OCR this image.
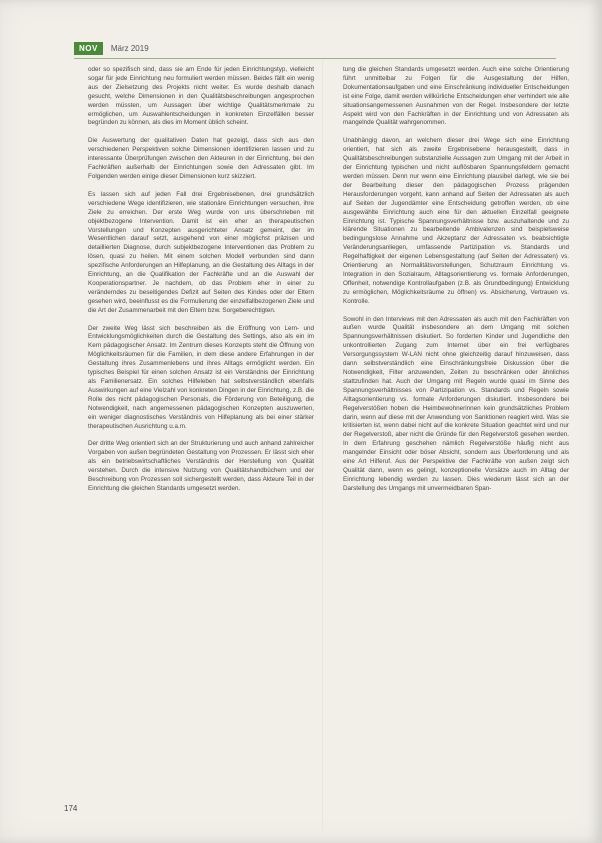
NOV	März 2019

oder so spezifisch sind, dass sie am Ende für jeden Einrichtungstyp, vielleicht sogar für jede Einrichtung neu formuliert werden müssen. Beides fällt ein wenig aus der Zielsetzung des Projekts nicht weiter. Es wurde deshalb danach gesucht, welche Dimensionen in den Qualitätsbeschreibungen angesprochen werden müssten, um Aussagen über wichtige Qualitätsmerkmale zu ermöglichen, um Auswahlentscheidungen in konkreten Einzelfällen besser begründen zu können, als dies im Moment üblich scheint.

Die Auswertung der qualitativen Daten hat gezeigt, dass sich aus den verschiedenen Perspektiven solche Dimensionen identifizieren lassen und zu interessante Überprüfungen zwischen den Akteuren in der Einrichtung, bei den Fachkräften außerhalb der Einrichtungen sowie den Adressaten gibt. Im Folgenden werden einige dieser Dimensionen kurz skizziert.

Es lassen sich auf jeden Fall drei Ergebnisebenen, drei grundsätzlich verschiedene Wege identifizieren, wie stationäre Einrichtungen versuchen, ihre Ziele zu erreichen. Der erste Weg wurde von uns überschrieben mit objektbezogene Intervention. Damit ist ein eher an therapeutischen Vorstellungen und Konzepten ausgerichteter Ansatz gemeint, der im Wesentlichen darauf setzt, ausgehend von einer möglichst präzisen und detaillierten Diagnose, durch subjektbezogene Interventionen das Problem zu lösen, quasi zu heilen. Mit einem solchen Modell verbunden sind dann spezifische Anforderungen an Hilfeplanung, an die Gestaltung des Alltags in der Einrichtung, an die Qualifikation der Fachkräfte und an die Auswahl der Kooperationspartner. Je nachdem, ob das Problem eher in einer zu veränderndes zu beseitigendes Defizit auf Seiten des Kindes oder der Eltern gesehen wird, beeinflusst es die Formulierung der einzelfallbezogenen Ziele und die Art der Zusammenarbeit mit den Eltern bzw. Sorgeberechtigten.

Der zweite Weg lässt sich beschreiben als die Eröffnung von Lern- und Entwicklungsmöglichkeiten durch die Gestaltung des Settings, also als ein im Kern pädagogischer Ansatz. Im Zentrum dieses Konzepts steht die Öffnung von Möglichkeitsräumen für die Familien, in dem diese andere Erfahrungen in der Gestaltung ihres Zusammenlebens und ihres Alltags ermöglicht werden. Ein typisches Beispiel für einen solchen Ansatz ist ein Verständnis der Einrichtung als Familienersatz. Ein solches Hilfeleben hat selbstverständlich ebenfalls Auswirkungen auf eine Vielzahl von konkreten Dingen in der Einrichtung, z.B. die Rolle des nicht pädagogischen Personals, die Förderung von Beteiligung, die Notwendigkeit, nach angemessenen pädagogischen Konzepten auszuwerten, ein weniger diagnostisches Verständnis von Hilfeplanung als bei einer stärker therapeutischen Ausrichtung u.a.m.

Der dritte Weg orientiert sich an der Strukturierung und auch anhand zahlreicher Vorgaben von außen begründeten Gestaltung von Prozessen. Er lässt sich eher als ein betriebswirtschaftliches Verständnis der Herstellung von Qualität verstehen. Durch die intensive Nutzung von Qualitätshandbüchern und der Beschreibung von Prozessen soll sichergestellt werden, dass Akteure Teil in der Einrichtung die gleichen Standards umgesetzt werden.

tung die gleichen Standards umgesetzt werden. Auch eine solche Orientierung führt unmittelbar zu Folgen für die Ausgestaltung der Hilfen, Dokumentationsaufgaben und eine Einschränkung individueller Entscheidungen ist eine Folge, damit werden willkürliche Entscheidungen eher verhindert wie alle situationsangemessenen Ausnahmen von der Regel. Insbesondere der letzte Aspekt wird von den Fachkräften in der Einrichtung und von Adressaten als mangelnde Qualität wahrgenommen.

Unabhängig davon, an welchem dieser drei Wege sich eine Einrichtung orientiert, hat sich als zweite Ergebnisebene herausgestellt, dass in Qualitätsbeschreibungen substanzielle Aussagen zum Umgang mit der Arbeit in der Einrichtung typischen und nicht auflösbaren Spannungsfeldern gemacht werden müssen. Denn nur wenn eine Einrichtung plausibel darlegt, wie sie bei der Bearbeitung dieser den pädagogischen Prozess prägenden Herausforderungen vorgeht, kann anhand auf Seiten der Adressaten als auch auf Seiten der Jugendämter eine Entscheidung getroffen werden, ob eine ausgewählte Einrichtung auch eine für den aktuellen Einzelfall geeignete Einrichtung ist. Typische Spannungsverhältnisse bzw. auszuhaltende und zu klärende Situationen zu bearbeitende Ambivalenzen sind beispielsweise bedingungslose Annahme und Akzeptanz der Adressaten vs. beabsichtigte Veränderungsanliegen, umfassende Partizipation vs. Standards und Regelhaftigkeit der eigenen Lebensgestaltung (auf Seiten der Adressaten) vs. Orientierung an Normalitätsvorstellungen, Schutzraum Einrichtung vs. Integration in den Sozialraum, Alltagsorientierung vs. formale Anforderungen, Offenheit, notwendige Kontrollaufgaben (z.B. als Grundbedingung) Entwicklung zu ermöglichen, Möglichkeitsräume zu öffnen) vs. Absicherung, Vertrauen vs. Kontrolle.

Sowohl in den Interviews mit den Adressaten als auch mit den Fachkräften von außen wurde Qualität insbesondere an dem Umgang mit solchen Spannungsverhältnissen diskutiert. So forderten Kinder und Jugendliche den unkontrollierten Zugang zum Internet über ein frei verfügbares Versorgungssystem W-LAN nicht ohne gleichzeitig darauf hinzuweisen, dass dann selbstverständlich eine Einschränkungsfreie Diskussion über die Notwendigkeit, Filter anzuwenden, Zeiten zu beschränken oder ähnliches stattzufinden hat. Auch der Umgang mit Regeln wurde quasi im Sinne des Spannungsverhältnisses von Partizipation vs. Standards und Regeln sowie Alltagsorientierung vs. formale Anforderungen diskutiert. Insbesondere bei Regelverstößen hoben die Heimbewohnerinnen kein grundsätzliches Problem darin, wenn auf diese mit der Anwendung von Sanktionen reagiert wird. Was sie kritisierten ist, wenn dabei nicht auf die konkrete Situation geachtet wird und nur der Regelverstoß, aber nicht die Gründe für den Regelverstoß gesehen werden. In dem Erfahrung geschehen nämlich Regelverstöße häufig nicht aus mangelnder Einsicht oder böser Absicht, sondern aus Überforderung und als eine Art Hilferuf. Aus der Perspektive der Fachkräfte von außen zeigt sich Qualität dann, wenn es gelingt, konzeptionelle Vorsätze auch im Alltag der Einrichtung lebendig werden zu lassen. Dies wiederum lässt sich an der Darstellung des Umgangs mit unvermeidbaren Span-

174
